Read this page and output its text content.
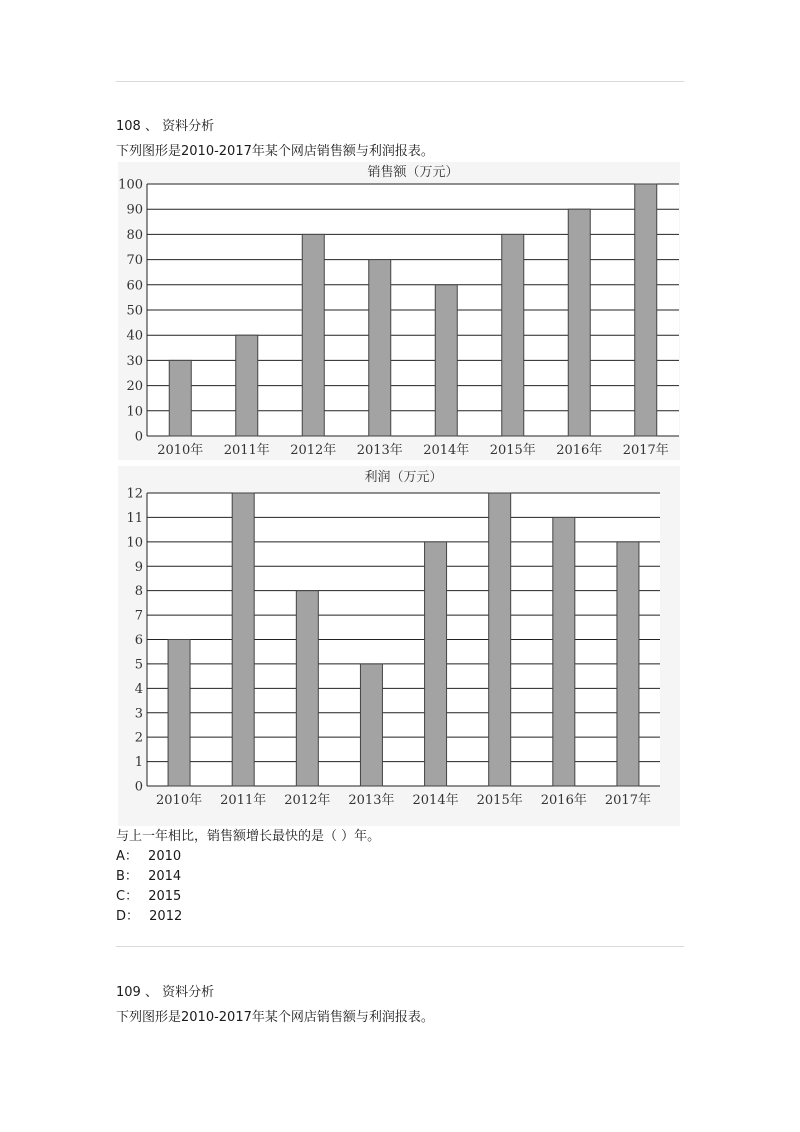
108 、 资料分析
下列图形是2010-2017年某个网店销售额与利润报表。
0
10
20
30
40
50
60
70
80
90
100
2010年 2011年 2012年 2013年 2014年 2015年 2016年 2017年
销售额（万元）
0
1
2
3
4
5
6
7
8
9
10
11
12
2010年 2011年 2012年 2013年 2014年 2015年 2016年 2017年
利润（万元）
与上一年相比，销售额增长最快的是（ ）年。
A： 2010
B： 2014
C： 2015
D： 2012
109 、 资料分析
下列图形是2010-2017年某个网店销售额与利润报表。
